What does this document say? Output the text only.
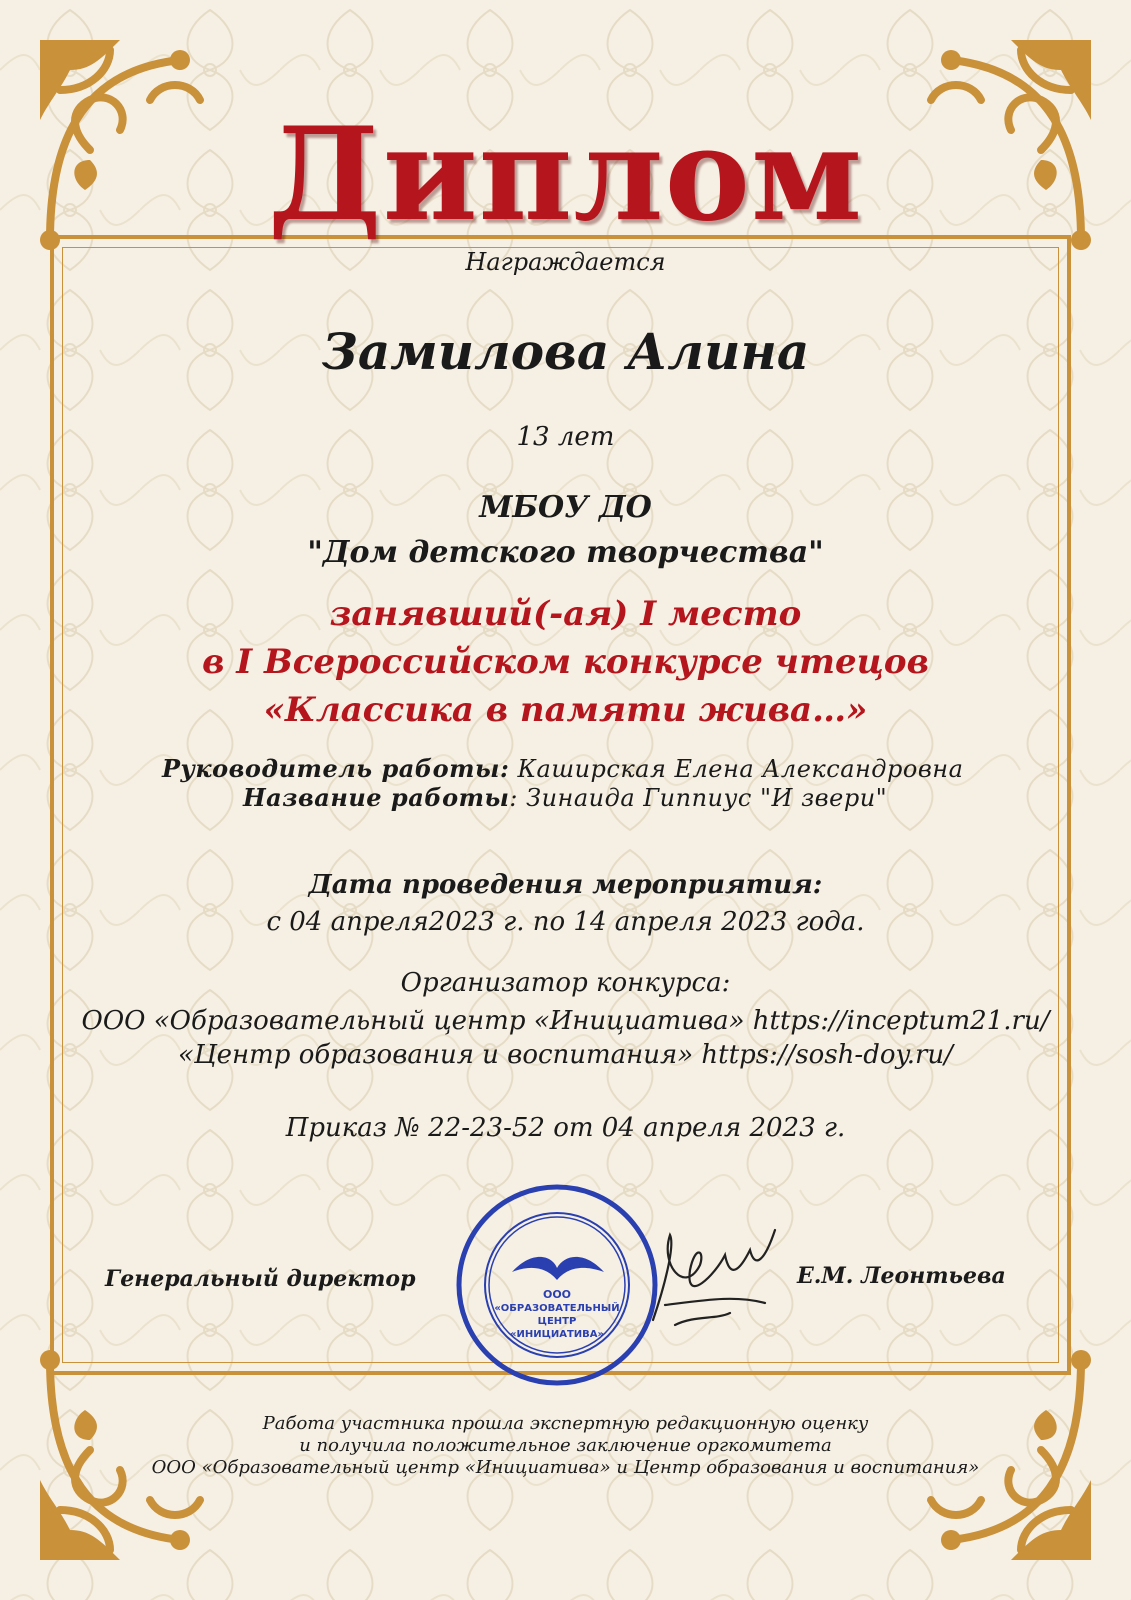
Диплом
Награждается
Замилова Алина
13 лет
МБОУ ДО
"Дом детского творчества"
занявший(-ая) I место
в I Всероссийском конкурсе чтецов
«Классика в памяти жива…»
Руководитель работы: Каширская Елена Александровна
Название работы: Зинаида Гиппиус "И звери"
Дата проведения мероприятия:
с 04 апреля2023 г. по 14 апреля 2023 года.
Организатор конкурса:
ООО «Образовательный центр «Инициатива» https://inceptum21.ru/
«Центр образования и воспитания» https://sosh-doy.ru/
Приказ № 22-23-52 от 04 апреля 2023 г.
Генеральный директор
ООО
«ОБРАЗОВАТЕЛЬНЫЙ
ЦЕНТР
«ИНИЦИАТИВА»
Е.М. Леонтьева
Работа участника прошла экспертную редакционную оценку
и получила положительное заключение оргкомитета
ООО «Образовательный центр «Инициатива» и Центр образования и воспитания»
